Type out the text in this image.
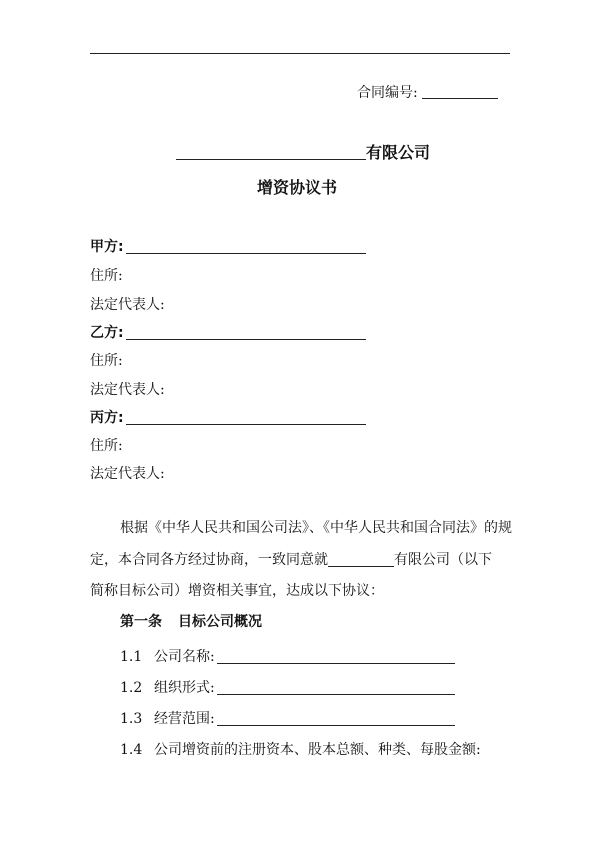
合同编号:
有限公司
增资协议书
甲方:
住所:
法定代表人:
乙方:
住所:
法定代表人:
丙方:
住所:
法定代表人:
根据《中华人民共和国公司法》、《中华人民共和国合同法》的规
定，本合同各方经过协商，一致同意就	有限公司（以下
简称目标公司）增资相关事宜，达成以下协议：
第一条 目标公司概况
1.1 公司名称:
1.2 组织形式:
1.3 经营范围:
1.4 公司增资前的注册资本、股本总额、种类、每股金额:
